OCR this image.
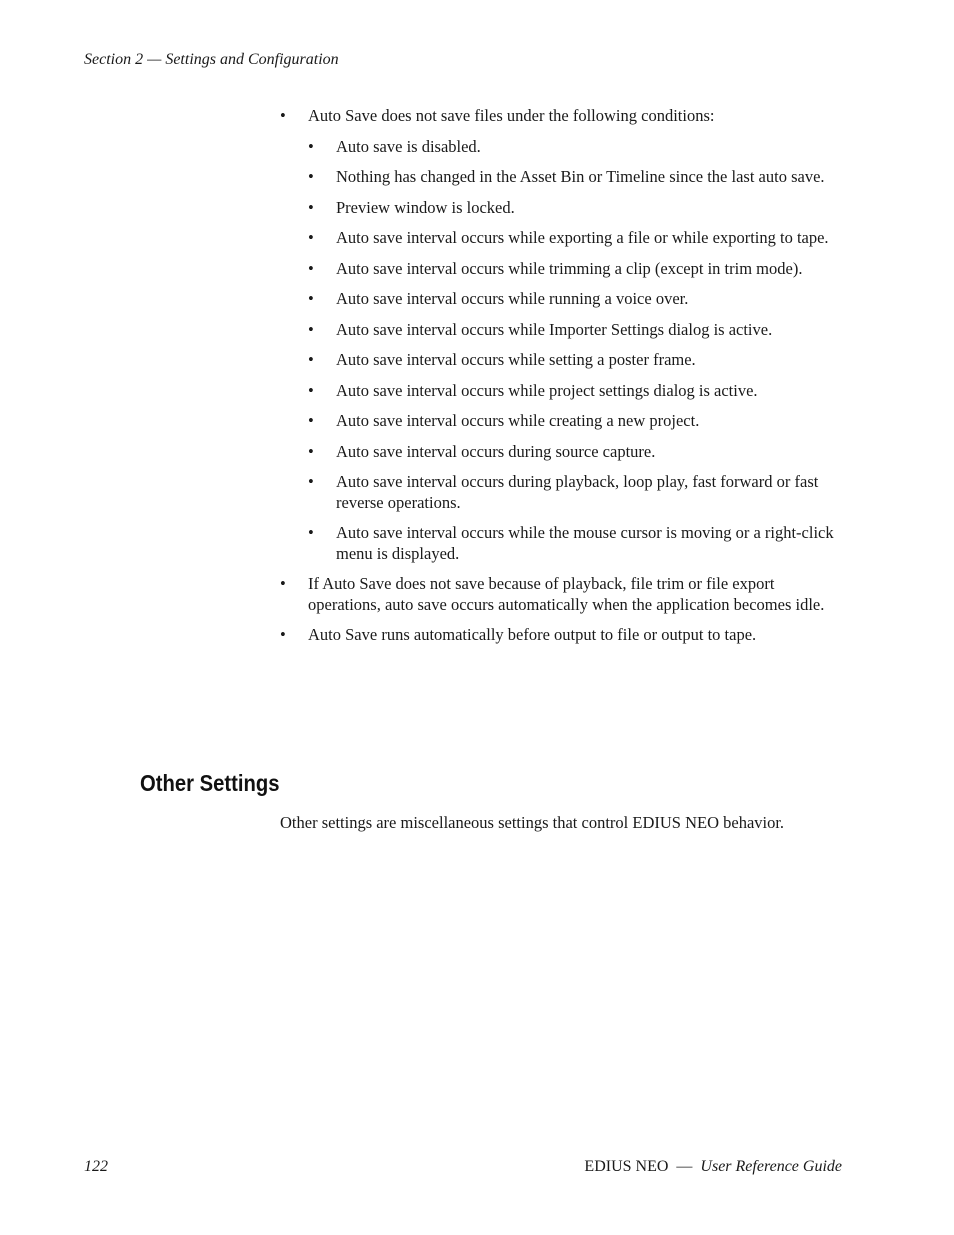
Section 2 — Settings and Configuration
•	Auto Save does not save files under the following conditions:
•	Auto save is disabled.
•	Nothing has changed in the Asset Bin or Timeline since the last auto save.
•	Preview window is locked.
•	Auto save interval occurs while exporting a file or while exporting to tape.
•	Auto save interval occurs while trimming a clip (except in trim mode).
•	Auto save interval occurs while running a voice over.
•	Auto save interval occurs while Importer Settings dialog is active.
•	Auto save interval occurs while setting a poster frame.
•	Auto save interval occurs while project settings dialog is active.
•	Auto save interval occurs while creating a new project.
•	Auto save interval occurs during source capture.
•	Auto save interval occurs during playback, loop play, fast forward or fast reverse operations.
•	Auto save interval occurs while the mouse cursor is moving or a right-click menu is displayed.
•	If Auto Save does not save because of playback, file trim or file export operations, auto save occurs automatically when the application becomes idle.
•	Auto Save runs automatically before output to file or output to tape.
Other Settings

Other settings are miscellaneous settings that control EDIUS NEO behavior.

122	EDIUS NEO — User Reference Guide
